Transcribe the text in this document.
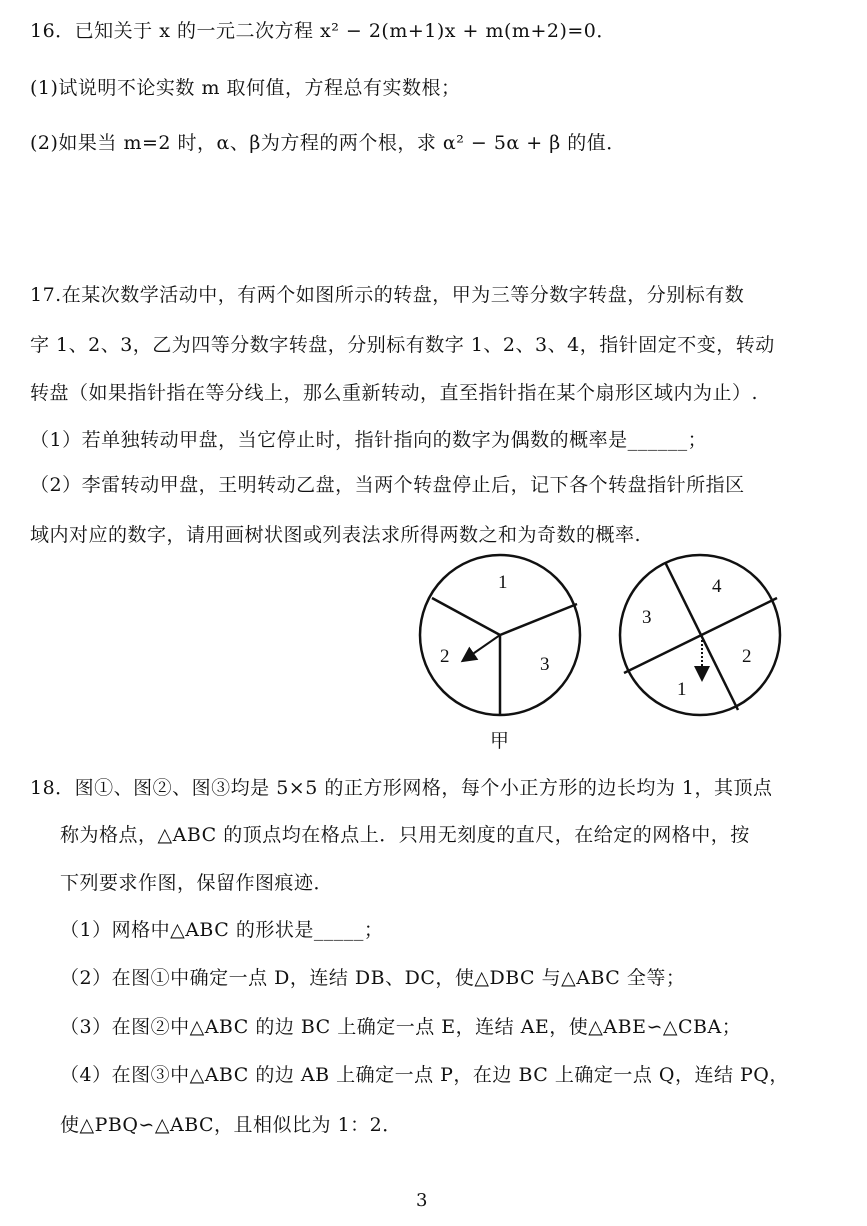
16．已知关于 x 的一元二次方程 x² − 2(m+1)x + m(m+2)=0．
(1)试说明不论实数 m 取何值，方程总有实数根；
(2)如果当 m=2 时，α、β为方程的两个根，求 α² − 5α + β 的值．
17.在某次数学活动中，有两个如图所示的转盘，甲为三等分数字转盘，分别标有数
字 1、2、3，乙为四等分数字转盘，分别标有数字 1、2、3、4，指针固定不变，转动
转盘（如果指针指在等分线上，那么重新转动，直至指针指在某个扇形区域内为止）.
（1）若单独转动甲盘，当它停止时，指针指向的数字为偶数的概率是______；
（2）李雷转动甲盘，王明转动乙盘，当两个转盘停止后，记下各个转盘指针所指区
域内对应的数字，请用画树状图或列表法求所得两数之和为奇数的概率.
1
2	3
甲
4
3
2
1
18．图①、图②、图③均是 5×5 的正方形网格，每个小正方形的边长均为 1，其顶点
称为格点，△ABC 的顶点均在格点上．只用无刻度的直尺，在给定的网格中，按
下列要求作图，保留作图痕迹．
（1）网格中△ABC 的形状是_____；
（2）在图①中确定一点 D，连结 DB、DC，使△DBC 与△ABC 全等；
（3）在图②中△ABC 的边 BC 上确定一点 E，连结 AE，使△ABE∽△CBA；
（4）在图③中△ABC 的边 AB 上确定一点 P，在边 BC 上确定一点 Q，连结 PQ，
使△PBQ∽△ABC，且相似比为 1：2．
3
